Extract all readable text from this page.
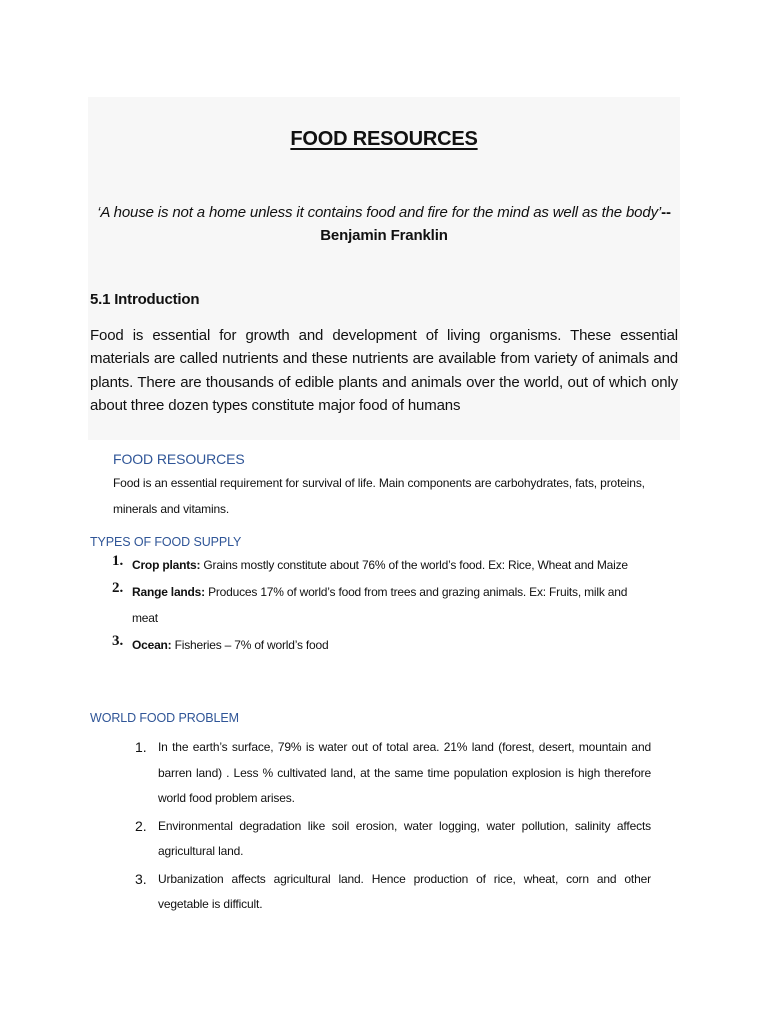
FOOD RESOURCES
‘A house is not a home unless it contains food and fire for the mind as well as the body’--Benjamin Franklin
5.1 Introduction
Food is essential for growth and development of living organisms. These essential materials are called nutrients and these nutrients are available from variety of animals and plants. There are thousands of edible plants and animals over the world, out of which only about three dozen types constitute major food of humans
FOOD RESOURCES
Food is an essential requirement for survival of life. Main components are carbohydrates, fats, proteins, minerals and vitamins.
TYPES OF FOOD SUPPLY
1. Crop plants: Grains mostly constitute about 76% of the world’s food. Ex: Rice, Wheat and Maize
2. Range lands: Produces 17% of world’s food from trees and grazing animals. Ex: Fruits, milk and meat
3. Ocean: Fisheries – 7% of world’s food
WORLD FOOD PROBLEM
1. In the earth’s surface, 79% is water out of total area. 21% land (forest, desert, mountain and barren land) . Less % cultivated land, at the same time population explosion is high therefore world food problem arises.
2. Environmental degradation like soil erosion, water logging, water pollution, salinity affects agricultural land.
3. Urbanization affects agricultural land. Hence production of rice, wheat, corn and other vegetable is difficult.
